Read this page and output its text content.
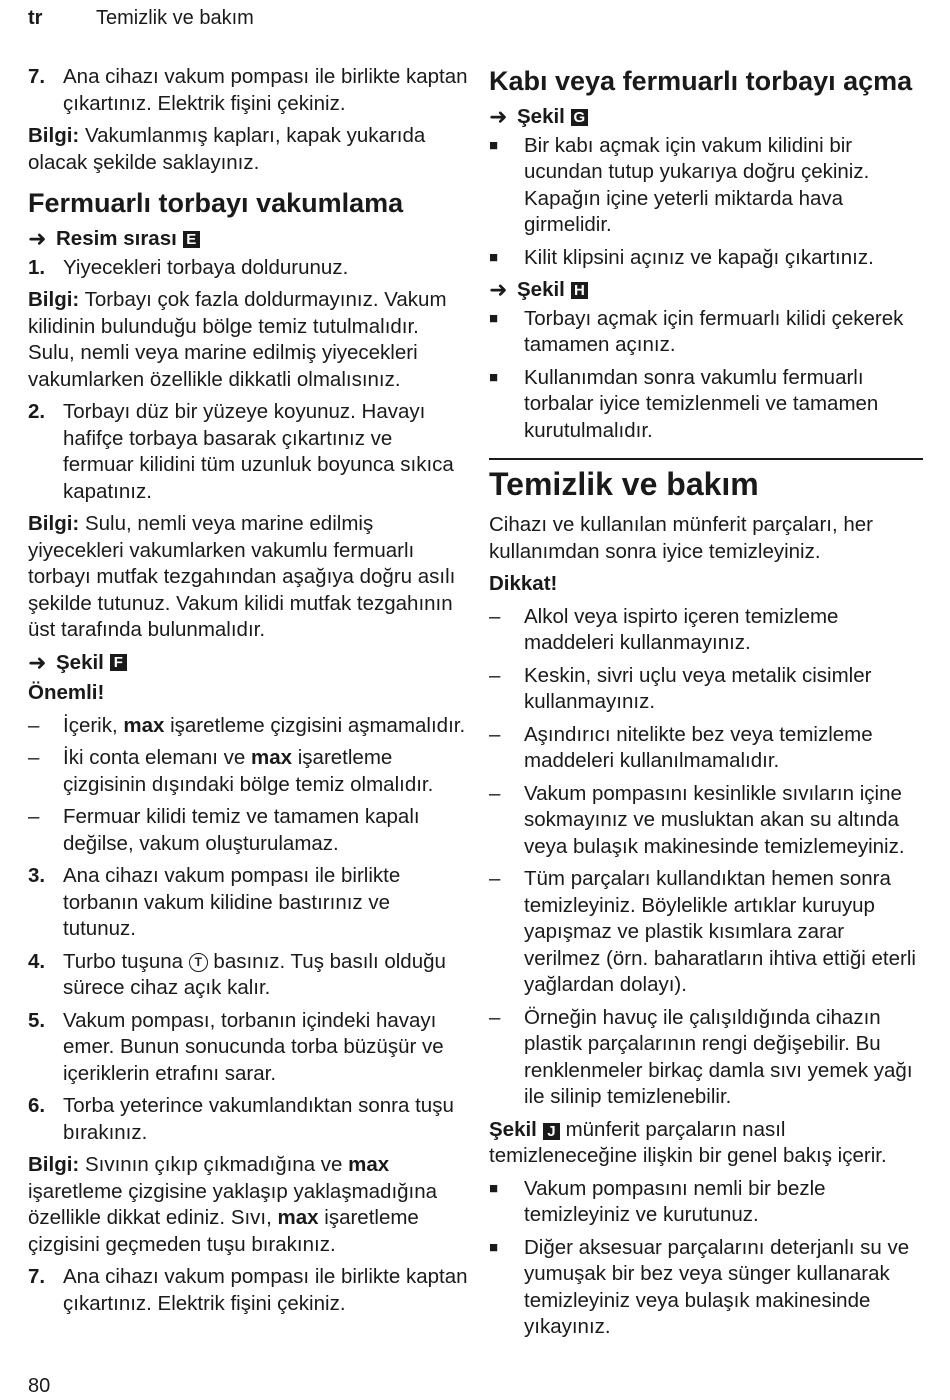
tr	Temizlik ve bakım
7. Ana cihazı vakum pompası ile birlikte kaptan çıkartınız. Elektrik fişini çekiniz.

Bilgi: Vakumlanmış kapları, kapak yukarıda olacak şekilde saklayınız.

Fermuarlı torbayı vakumlama
➜ Resim sırası E
1. Yiyecekleri torbaya doldurunuz.

Bilgi: Torbayı çok fazla doldurmayınız. Vakum kilidinin bulunduğu bölge temiz tutulmalıdır. Sulu, nemli veya marine edilmiş yiyecekleri vakumlarken özellikle dikkatli olmalısınız.

2. Torbayı düz bir yüzeye koyunuz. Havayı hafifçe torbaya basarak çıkartınız ve fermuar kilidini tüm uzunluk boyunca sıkıca kapatınız.

Bilgi: Sulu, nemli veya marine edilmiş yiyecekleri vakumlarken vakumlu fermuarlı torbayı mutfak tezgahından aşağıya doğru asılı şekilde tutunuz. Vakum kilidi mutfak tezgahının üst tarafında bulunmalıdır.

➜ Şekil F

Önemli!

–	İçerik, max işaretleme çizgisini aşmamalıdır.
–	İki conta elemanı ve max işaretleme çizgisinin dışındaki bölge temiz olmalıdır.
–	Fermuar kilidi temiz ve tamamen kapalı değilse, vakum oluşturulamaz.
3. Ana cihazı vakum pompası ile birlikte torbanın vakum kilidine bastırınız ve tutunuz.
4. Turbo tuşuna T basınız. Tuş basılı olduğu sürece cihaz açık kalır.
5. Vakum pompası, torbanın içindeki havayı emer. Bunun sonucunda torba büzüşür ve içeriklerin etrafını sarar.
6. Torba yeterince vakumlandıktan sonra tuşu bırakınız.

Bilgi: Sıvının çıkıp çıkmadığına ve max işaretleme çizgisine yaklaşıp yaklaşmadığına özellikle dikkat ediniz. Sıvı, max işaretleme çizgisini geçmeden tuşu bırakınız.

7. Ana cihazı vakum pompası ile birlikte kaptan çıkartınız. Elektrik fişini çekiniz.
Kabı veya fermuarlı torbayı açma
➜ Şekil G
■	Bir kabı açmak için vakum kilidini bir ucundan tutup yukarıya doğru çekiniz. Kapağın içine yeterli miktarda hava girmelidir.
■	Kilit klipsini açınız ve kapağı çıkartınız.
➜ Şekil H
■	Torbayı açmak için fermuarlı kilidi çekerek tamamen açınız.
■	Kullanımdan sonra vakumlu fermuarlı torbalar iyice temizlenmeli ve tamamen kurutulmalıdır.
Temizlik ve bakım

Cihazı ve kullanılan münferit parçaları, her kullanımdan sonra iyice temizleyiniz.

Dikkat!

–	Alkol veya ispirto içeren temizleme maddeleri kullanmayınız.
–	Keskin, sivri uçlu veya metalik cisimler kullanmayınız.
–	Aşındırıcı nitelikte bez veya temizleme maddeleri kullanılmamalıdır.
–	Vakum pompasını kesinlikle sıvıların içine sokmayınız ve musluktan akan su altında veya bulaşık makinesinde temizlemeyiniz.
–	Tüm parçaları kullandıktan hemen sonra temizleyiniz. Böylelikle artıklar kuruyup yapışmaz ve plastik kısımlara zarar verilmez (örn. baharatların ihtiva ettiği eterli yağlardan dolayı).
–	Örneğin havuç ile çalışıldığında cihazın plastik parçalarının rengi değişebilir. Bu renklenmeler birkaç damla sıvı yemek yağı ile silinip temizlenebilir.

Şekil J münferit parçaların nasıl temizleneceğine ilişkin bir genel bakış içerir.

■	Vakum pompasını nemli bir bezle temizleyiniz ve kurutunuz.
■	Diğer aksesuar parçalarını deterjanlı su ve yumuşak bir bez veya sünger kullanarak temizleyiniz veya bulaşık makinesinde yıkayınız.
80
